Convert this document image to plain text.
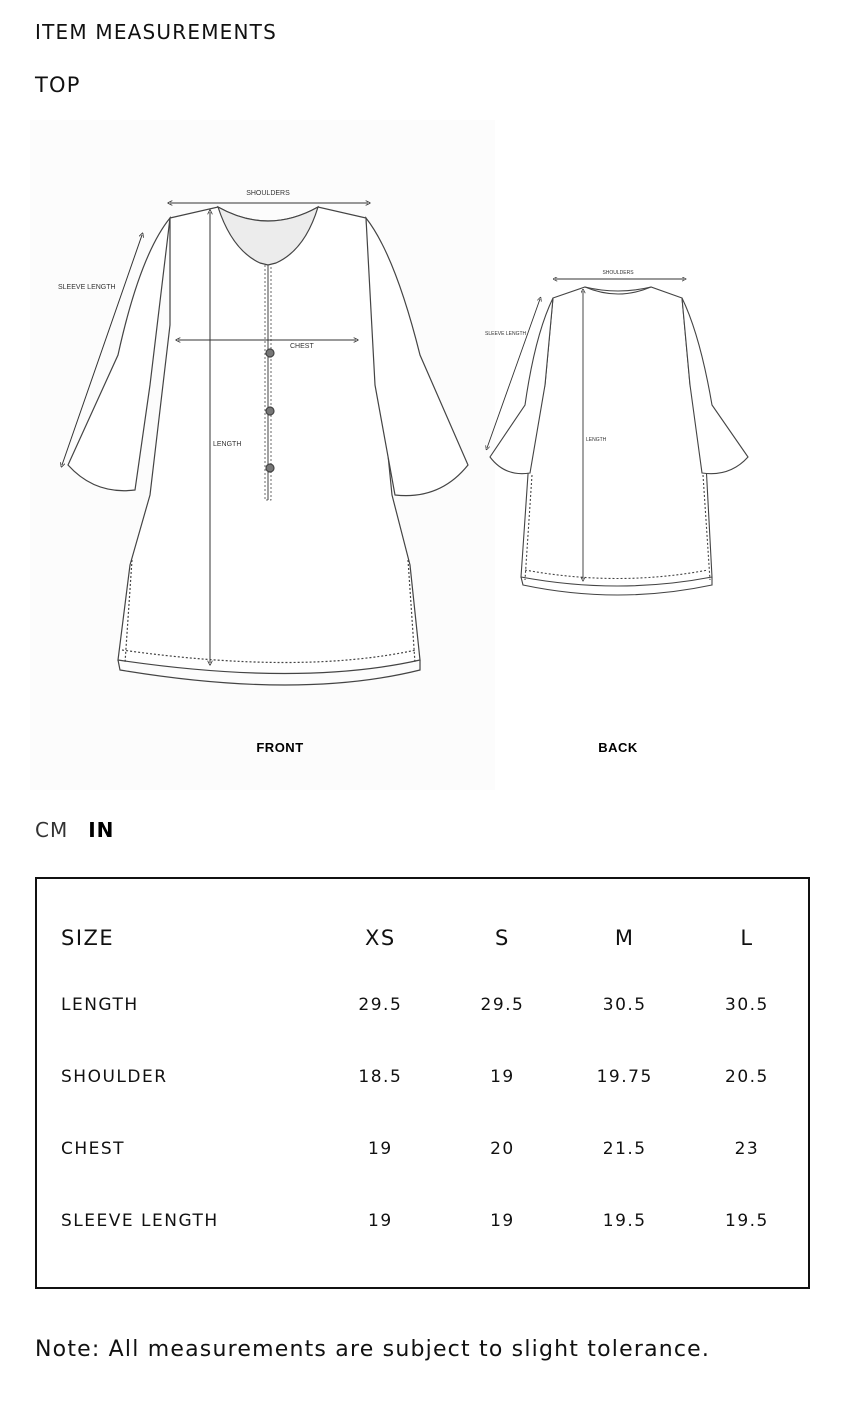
ITEM MEASUREMENTS
TOP
SHOULDERS
SLEEVE LENGTH
CHEST
LENGTH
FRONT
SHOULDERS
SLEEVE LENGTH
LENGTH
BACK
CM IN
SIZE	XS	S	M	L
LENGTH	29.5	29.5	30.5	30.5
SHOULDER	18.5	19	19.75	20.5
CHEST	19	20	21.5	23
SLEEVE LENGTH	19	19	19.5	19.5
Note: All measurements are subject to slight tolerance.
